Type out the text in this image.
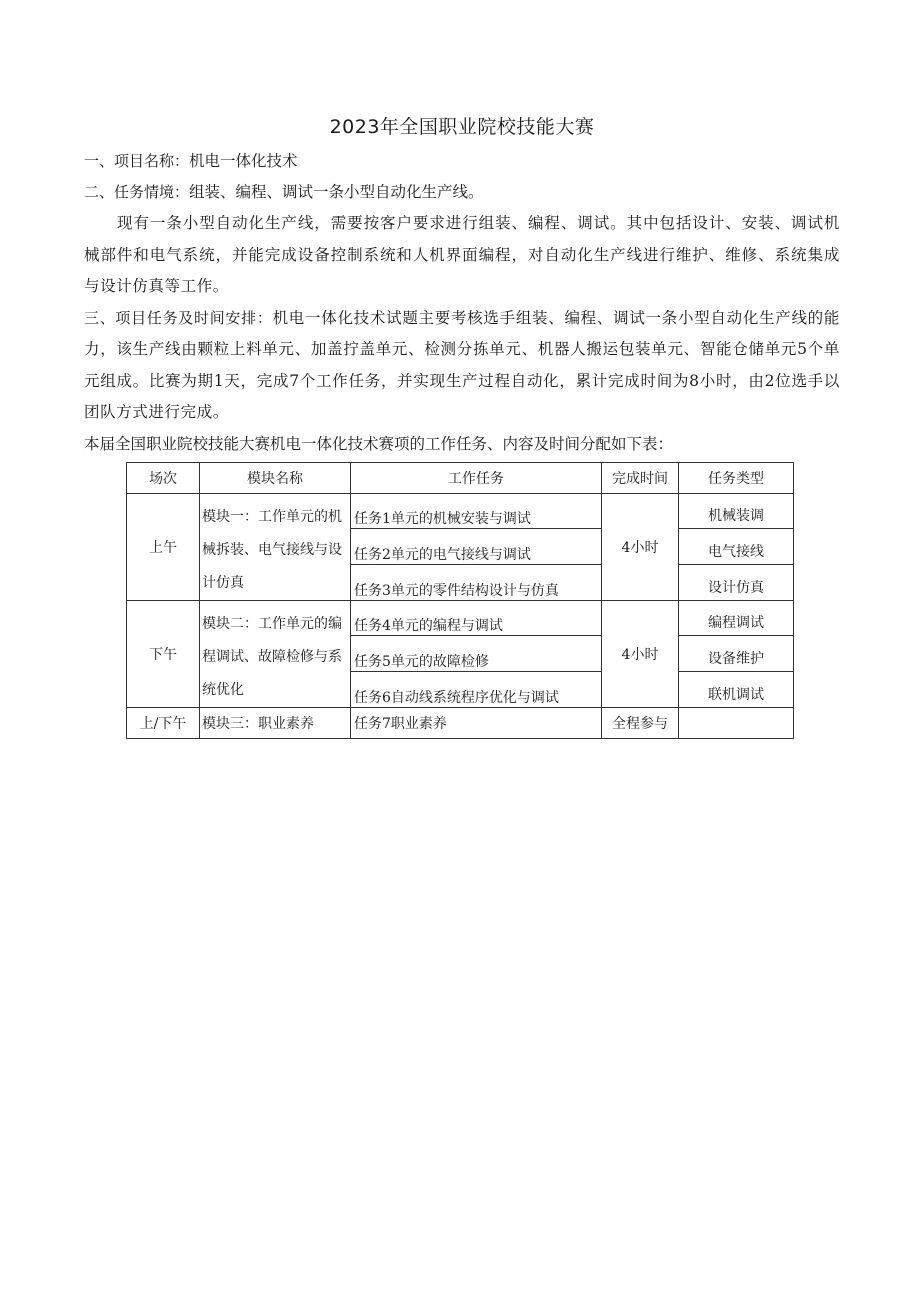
2023年全国职业院校技能大赛

一、项目名称：机电一体化技术

二、任务情境：组装、编程、调试一条小型自动化生产线。

现有一条小型自动化生产线，需要按客户要求进行组装、编程、调试。其中包括设计、安装、调试机械部件和电气系统，并能完成设备控制系统和人机界面编程，对自动化生产线进行维护、维修、系统集成与设计仿真等工作。

三、项目任务及时间安排：机电一体化技术试题主要考核选手组装、编程、调试一条小型自动化生产线的能力，该生产线由颗粒上料单元、加盖拧盖单元、检测分拣单元、机器人搬运包装单元、智能仓储单元5个单元组成。比赛为期1天，完成7个工作任务，并实现生产过程自动化，累计完成时间为8小时，由2位选手以团队方式进行完成。

本届全国职业院校技能大赛机电一体化技术赛项的工作任务、内容及时间分配如下表：

场次	模块名称	工作任务	完成时间	任务类型
上午	模块一：工作单元的机械拆装、电气接线与设计仿真	任务1单元的机械安装与调试	4小时	机械装调
		任务2单元的电气接线与调试		电气接线
		任务3单元的零件结构设计与仿真		设计仿真
下午	模块二：工作单元的编程调试、故障检修与系统优化	任务4单元的编程与调试	4小时	编程调试
		任务5单元的故障检修		设备维护
		任务6自动线系统程序优化与调试		联机调试
上/下午	模块三：职业素养	任务7职业素养	全程参与	
